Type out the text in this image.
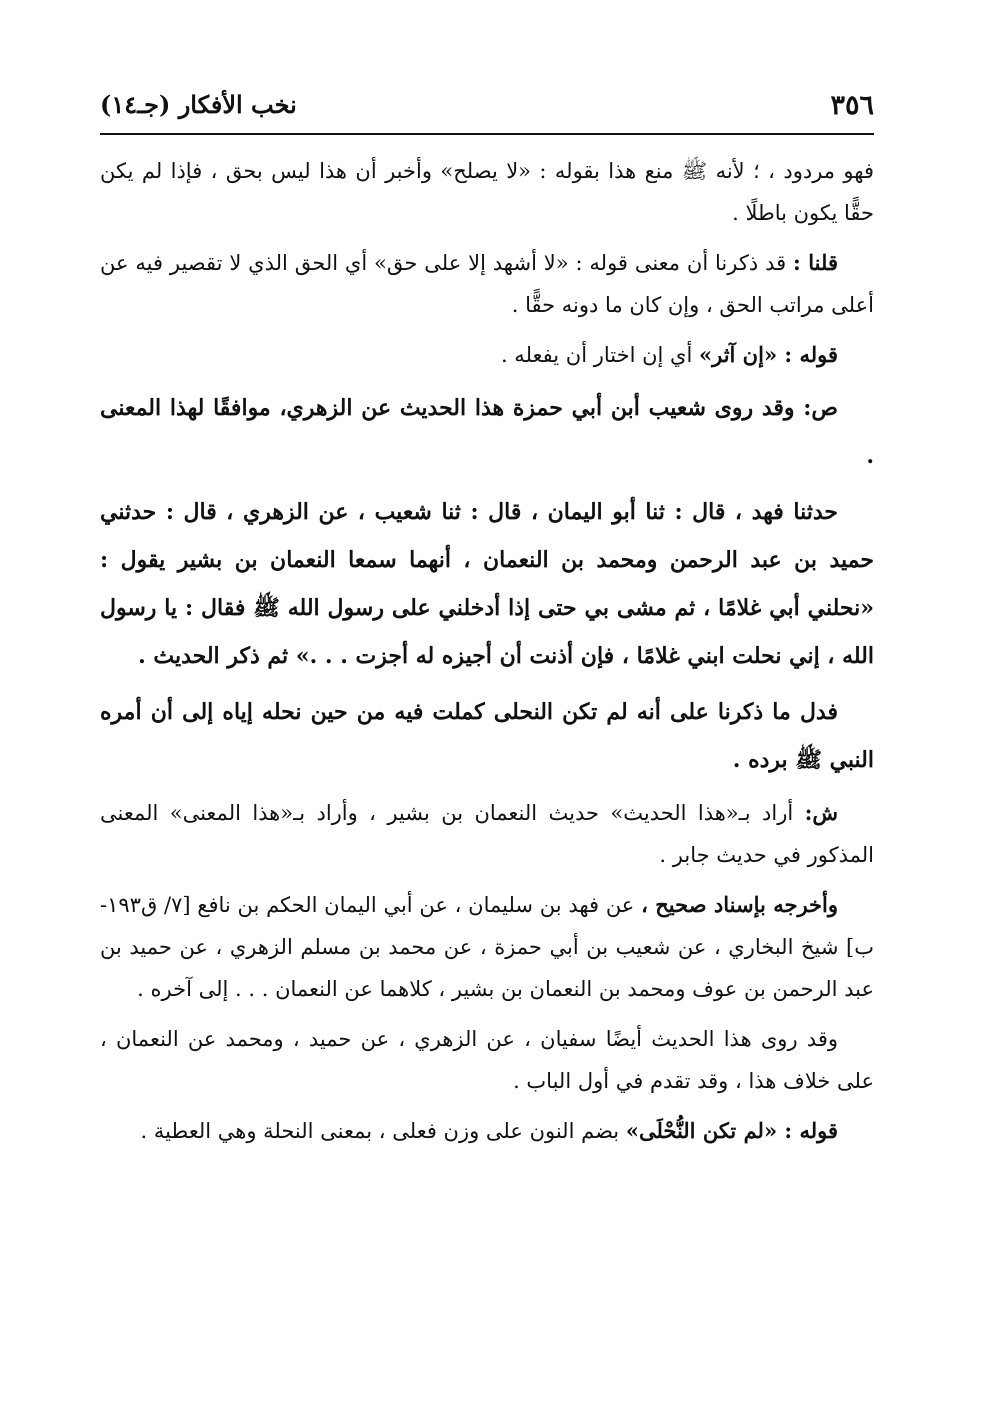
٣٥٦
نخب الأفكار (جـ١٤)

فهو مردود ، ؛ لأنه ﷺ منع هذا بقوله : «لا يصلح» وأخبر أن هذا ليس بحق ، فإذا لم يكن حقًّا يكون باطلًا .

قلنا : قد ذكرنا أن معنى قوله : «لا أشهد إلا على حق» أي الحق الذي لا تقصير فيه عن أعلى مراتب الحق ، وإن كان ما دونه حقًّا .

قوله : «إن آثر» أي إن اختار أن يفعله .

ص: وقد روى شعيب أبن أبي حمزة هذا الحديث عن الزهري، موافقًا لهذا المعنى .

حدثنا فهد ، قال : ثنا أبو اليمان ، قال : ثنا شعيب ، عن الزهري ، قال : حدثني حميد بن عبد الرحمن ومحمد بن النعمان ، أنهما سمعا النعمان بن بشير يقول : «نحلني أبي غلامًا ، ثم مشى بي حتى إذا أدخلني على رسول الله ﷺ فقال : يا رسول الله ، إني نحلت ابني غلامًا ، فإن أذنت أن أجيزه له أجزت . . .» ثم ذكر الحديث .

فدل ما ذكرنا على أنه لم تكن النحلى كملت فيه من حين نحله إياه إلى أن أمره النبي ﷺ برده .

ش: أراد بـ«هذا الحديث» حديث النعمان بن بشير ، وأراد بـ«هذا المعنى» المعنى المذكور في حديث جابر .

وأخرجه بإسناد صحيح ، عن فهد بن سليمان ، عن أبي اليمان الحكم بن نافع [٧/ ق١٩٣-ب] شيخ البخاري ، عن شعيب بن أبي حمزة ، عن محمد بن مسلم الزهري ، عن حميد بن عبد الرحمن بن عوف ومحمد بن النعمان بن بشير ، كلاهما عن النعمان . . . إلى آخره .

وقد روى هذا الحديث أيضًا سفيان ، عن الزهري ، عن حميد ، ومحمد عن النعمان ، على خلاف هذا ، وقد تقدم في أول الباب .

قوله : «لم تكن النُّحْلَى» بضم النون على وزن فعلى ، بمعنى النحلة وهي العطية .
